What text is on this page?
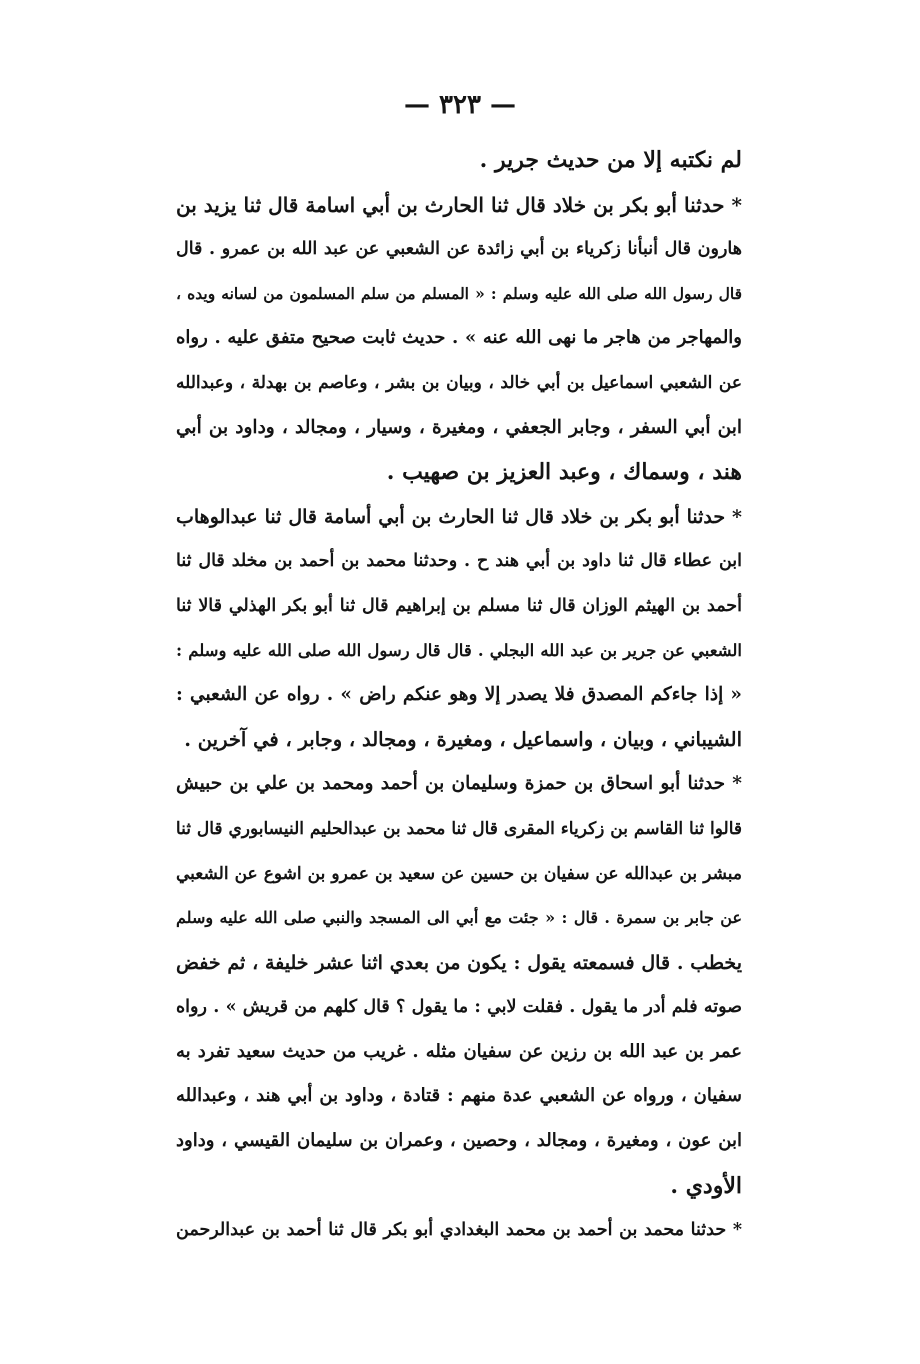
— ٣٢٣ —
لم نكتبه إلا من حديث جرير .
* حدثنا أبو بكر بن خلاد قال ثنا الحارث بن أبي اسامة قال ثنا يزيد بن
هارون قال أنبأنا زكرياء بن أبي زائدة عن الشعبي عن عبد الله بن عمرو . قال
قال رسول الله صلى الله عليه وسلم : « المسلم من سلم المسلمون من لسانه ويده ،
والمهاجر من هاجر ما نهى الله عنه » . حديث ثابت صحيح متفق عليه . رواه
عن الشعبي اسماعيل بن أبي خالد ، وبيان بن بشر ، وعاصم بن بهدلة ، وعبدالله
ابن أبي السفر ، وجابر الجعفي ، ومغيرة ، وسيار ، ومجالد ، وداود بن أبي
هند ، وسماك ، وعبد العزيز بن صهيب .
* حدثنا أبو بكر بن خلاد قال ثنا الحارث بن أبي أسامة قال ثنا عبدالوهاب
ابن عطاء قال ثنا داود بن أبي هند ح . وحدثنا محمد بن أحمد بن مخلد قال ثنا
أحمد بن الهيثم الوزان قال ثنا مسلم بن إبراهيم قال ثنا أبو بكر الهذلي قالا ثنا
الشعبي عن جرير بن عبد الله البجلي . قال قال رسول الله صلى الله عليه وسلم :
« إذا جاءكم المصدق فلا يصدر إلا وهو عنكم راض » . رواه عن الشعبي :
الشيباني ، وبيان ، واسماعيل ، ومغيرة ، ومجالد ، وجابر ، في آخرين .
* حدثنا أبو اسحاق بن حمزة وسليمان بن أحمد ومحمد بن علي بن حبيش
قالوا ثنا القاسم بن زكرياء المقرى قال ثنا محمد بن عبدالحليم النيسابوري قال ثنا
مبشر بن عبدالله عن سفيان بن حسين عن سعيد بن عمرو بن اشوع عن الشعبي
عن جابر بن سمرة . قال : « جئت مع أبي الى المسجد والنبي صلى الله عليه وسلم
يخطب . قال فسمعته يقول : يكون من بعدي اثنا عشر خليفة ، ثم خفض
صوته فلم أدر ما يقول . فقلت لابي : ما يقول ؟ قال كلهم من قريش » . رواه
عمر بن عبد الله بن رزين عن سفيان مثله . غريب من حديث سعيد تفرد به
سفيان ، ورواه عن الشعبي عدة منهم : قتادة ، وداود بن أبي هند ، وعبدالله
ابن عون ، ومغيرة ، ومجالد ، وحصين ، وعمران بن سليمان القيسي ، وداود
الأودي .
* حدثنا محمد بن أحمد بن محمد البغدادي أبو بكر قال ثنا أحمد بن عبدالرحمن
